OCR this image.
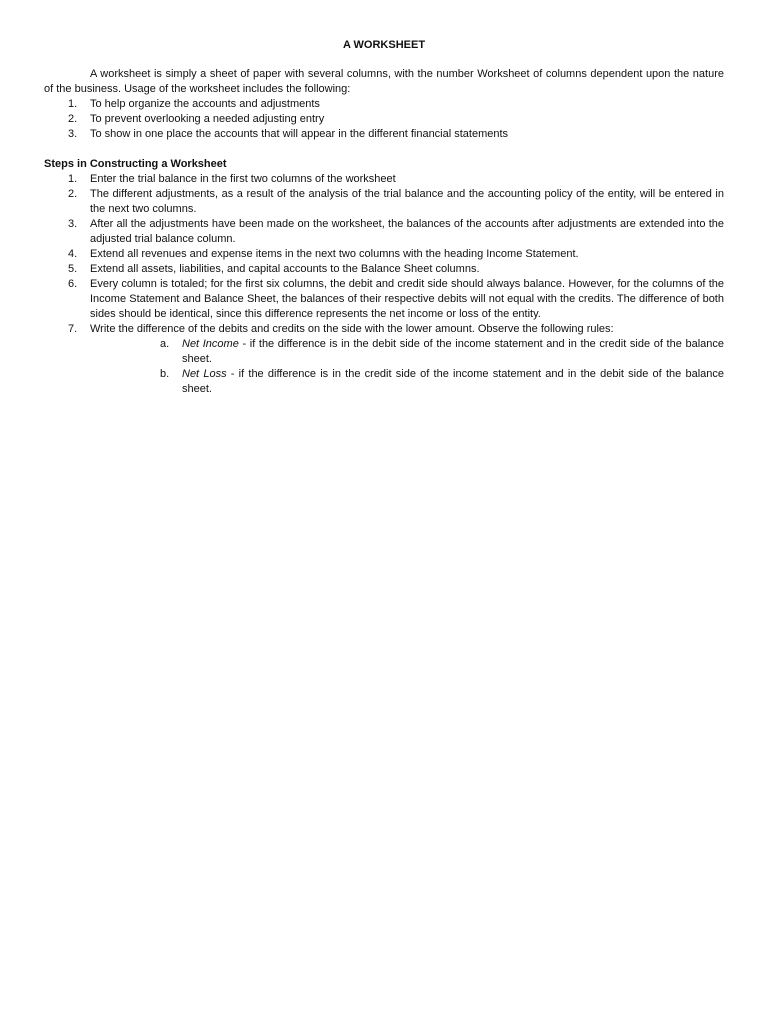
A WORKSHEET

A worksheet is simply a sheet of paper with several columns, with the number Worksheet of columns dependent upon the nature of the business. Usage of the worksheet includes the following:

1. To help organize the accounts and adjustments
2. To prevent overlooking a needed adjusting entry
3. To show in one place the accounts that will appear in the different financial statements
Steps in Constructing a Worksheet
1. Enter the trial balance in the first two columns of the worksheet
2. The different adjustments, as a result of the analysis of the trial balance and the accounting policy of the entity, will be entered in the next two columns.
3. After all the adjustments have been made on the worksheet, the balances of the accounts after adjustments are extended into the adjusted trial balance column.
4. Extend all revenues and expense items in the next two columns with the heading Income Statement.
5. Extend all assets, liabilities, and capital accounts to the Balance Sheet columns.
6. Every column is totaled; for the first six columns, the debit and credit side should always balance. However, for the columns of the Income Statement and Balance Sheet, the balances of their respective debits will not equal with the credits. The difference of both sides should be identical, since this difference represents the net income or loss of the entity.
7. Write the difference of the debits and credits on the side with the lower amount. Observe the following rules:
a. Net Income - if the difference is in the debit side of the income statement and in the credit side of the balance sheet.
b. Net Loss - if the difference is in the credit side of the income statement and in the debit side of the balance sheet.
